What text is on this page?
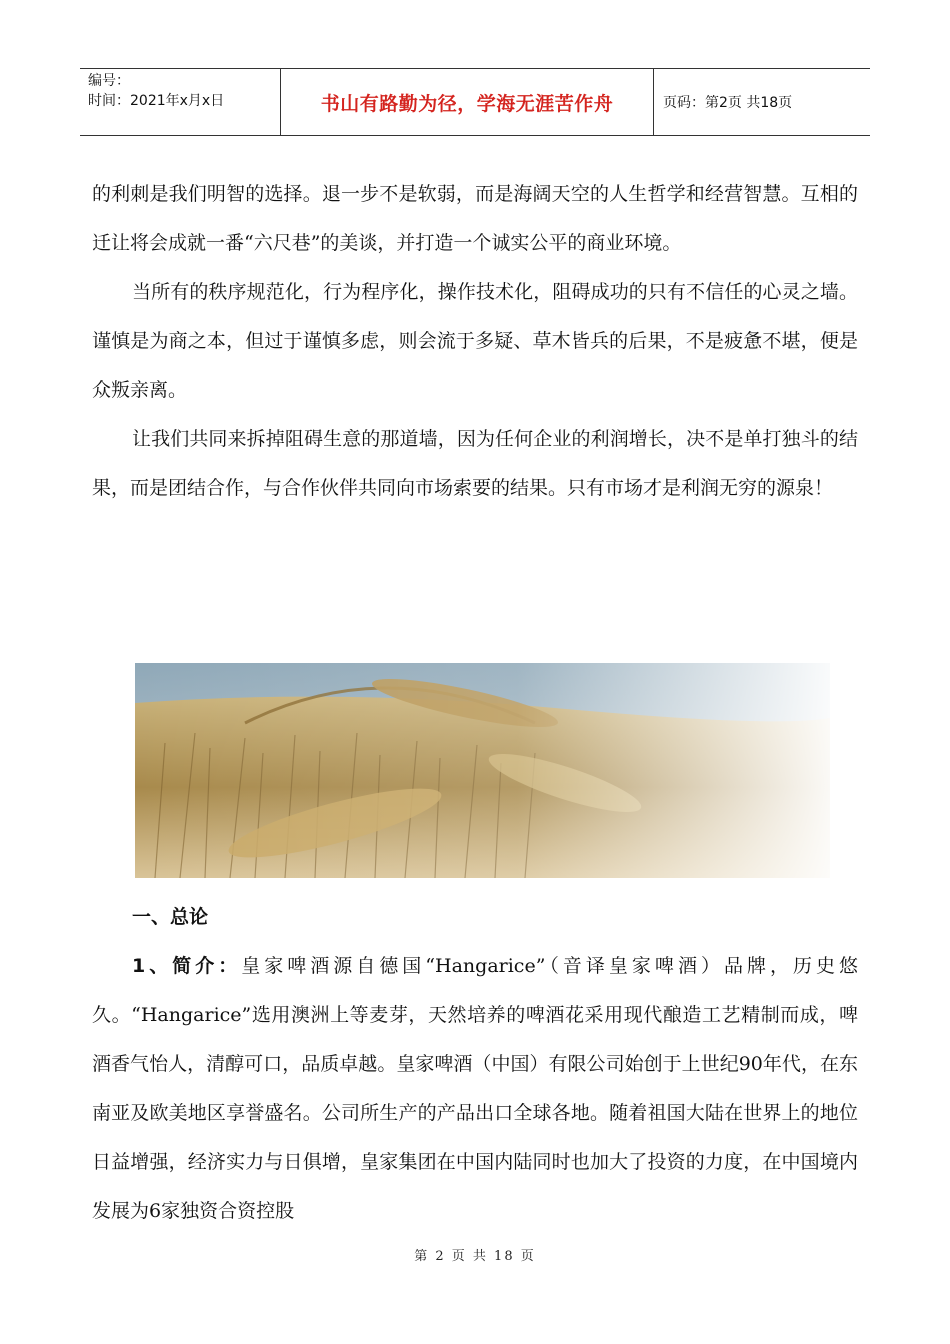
编号：
时间：2021年x月x日	书山有路勤为径，学海无涯苦作舟	页码：第2页 共18页

的利刺是我们明智的选择。退一步不是软弱，而是海阔天空的人生哲学和经营智慧。互相的迁让将会成就一番“六尺巷”的美谈，并打造一个诚实公平的商业环境。

当所有的秩序规范化，行为程序化，操作技术化，阻碍成功的只有不信任的心灵之墙。谨慎是为商之本，但过于谨慎多虑，则会流于多疑、草木皆兵的后果，不是疲惫不堪，便是众叛亲离。

让我们共同来拆掉阻碍生意的那道墙，因为任何企业的利润增长，决不是单打独斗的结果，而是团结合作，与合作伙伴共同向市场索要的结果。只有市场才是利润无穷的源泉！

一、总论

1、简介：皇家啤酒源自德国“Hangarice”（音译皇家啤酒）品牌，历史悠久。“Hangarice”选用澳洲上等麦芽，天然培养的啤酒花采用现代酿造工艺精制而成，啤酒香气怡人，清醇可口，品质卓越。皇家啤酒（中国）有限公司始创于上世纪90年代，在东南亚及欧美地区享誉盛名。公司所生产的产品出口全球各地。随着祖国大陆在世界上的地位日益增强，经济实力与日俱增，皇家集团在中国内陆同时也加大了投资的力度，在中国境内发展为6家独资合资控股

第 2 页 共 18 页
